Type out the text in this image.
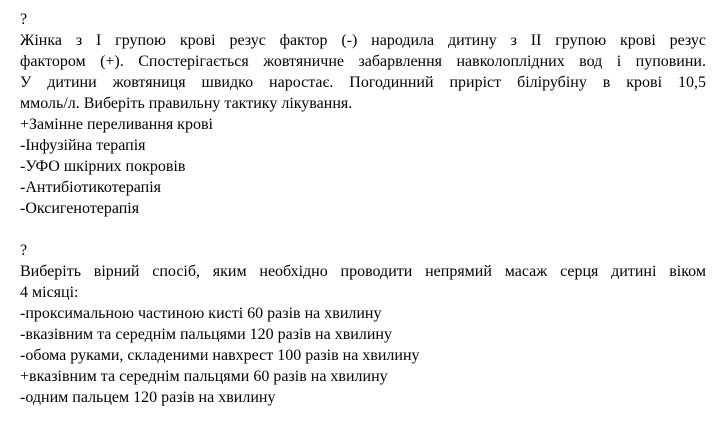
?
Жінка з I групою крові резус фактор (-) народила дитину з II групою крові резус
фактором (+). Спостерігається жовтяничне забарвлення навколоплідних вод і пуповини.
У дитини жовтяниця швидко наростає. Погодинний приріст білірубіну в крові 10,5
ммоль/л. Виберіть правильну тактику лікування.
+Замінне переливання крові
-Інфузійна терапія
-УФО шкірних покровів
-Антибіотикотерапія
-Оксигенотерапія
?
Виберіть вірний спосіб, яким необхідно проводити непрямий масаж серця дитині віком
4 місяці:
-проксимальною частиною кисті 60 разів на хвилину
-вказівним та середнім пальцями 120 разів на хвилину
-обома руками, складеними навхрест 100 разів на хвилину
+вказівним та середнім пальцями 60 разів на хвилину
-одним пальцем 120 разів на хвилину
